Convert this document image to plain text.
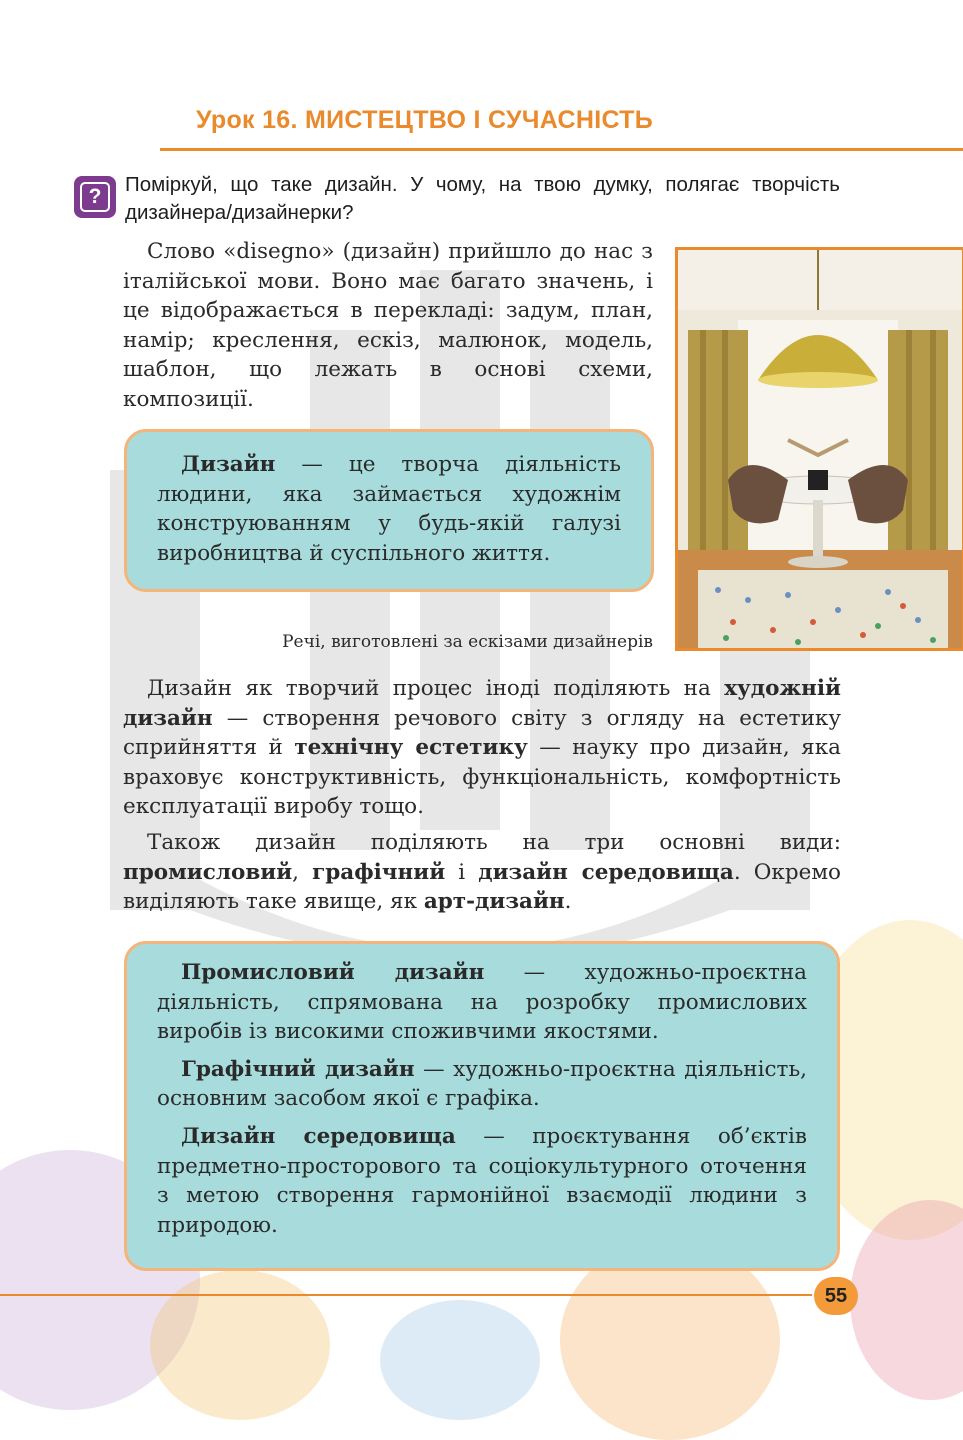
Урок 16. МИСТЕЦТВО І СУЧАСНІСТЬ
?
Поміркуй, що таке дизайн. У чому, на твою думку, полягає творчість дизайнера/дизайнерки?

Слово «disegno» (дизайн) прийшло до нас з італійської мови. Воно має багато значень, і це відображається в перекладі: задум, план, намір; креслення, ескіз, малюнок, модель, шаблон, що лежать в основі схеми, композиції.

Дизайн — це творча діяльність людини, яка займається художнім конструюванням у будь-якій галузі виробництва й суспільного життя.

Речі, виготовлені за ескізами дизайнерів

Дизайн як творчий процес іноді поділяють на художній дизайн — створення речового світу з огляду на естетику сприйняття й технічну естетику — науку про дизайн, яка враховує конструктивність, функціональність, комфортність експлуатації виробу тощо.

Також дизайн поділяють на три основні види: промисловий, графічний і дизайн середовища. Окремо виділяють таке явище, як арт-дизайн.

Промисловий дизайн — художньо-проєктна діяльність, спрямована на розробку промислових виробів із високими споживчими якостями.

Графічний дизайн — художньо-проєктна діяльність, основним засобом якої є графіка.

Дизайн середовища — проєктування об’єктів предметно-просторового та соціокультурного оточення з метою створення гармонійної взаємодії людини з природою.

55
